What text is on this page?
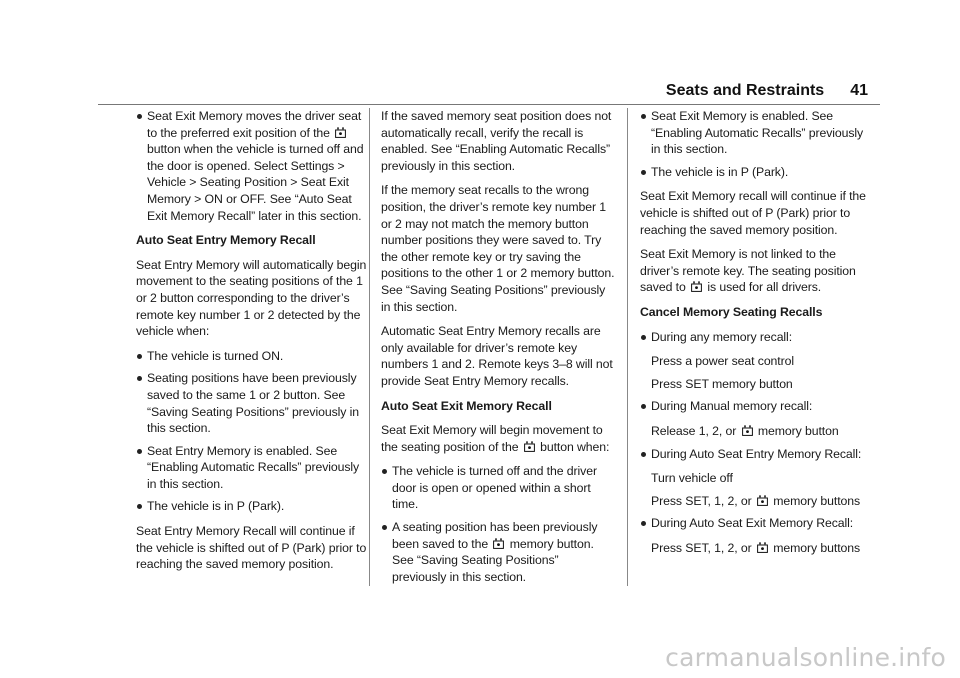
Seats and Restraints 41
Seat Exit Memory moves the driver seat to the preferred exit position of the
button when the vehicle is turned off and the door is opened. Select Settings > Vehicle > Seating Position > Seat Exit Memory > ON or OFF. See “Auto Seat Exit Memory Recall” later in this section.

Auto Seat Entry Memory Recall

Seat Entry Memory will automatically begin movement to the seating positions of the 1 or 2 button corresponding to the driver’s remote key number 1 or 2 detected by the vehicle when:

The vehicle is turned ON.
Seating positions have been previously saved to the same 1 or 2 button. See “Saving Seating Positions” previously in this section.
Seat Entry Memory is enabled. See “Enabling Automatic Recalls” previously in this section.
The vehicle is in P (Park).

Seat Entry Memory Recall will continue if the vehicle is shifted out of P (Park) prior to reaching the saved memory position.

If the saved memory seat position does not automatically recall, verify the recall is enabled. See “Enabling Automatic Recalls” previously in this section.

If the memory seat recalls to the wrong position, the driver’s remote key number 1 or 2 may not match the memory button number positions they were saved to. Try the other remote key or try saving the positions to the other 1 or 2 memory button. See “Saving Seating Positions” previously in this section.

Automatic Seat Entry Memory recalls are only available for driver’s remote key numbers 1 and 2. Remote keys 3–8 will not provide Seat Entry Memory recalls.

Auto Seat Exit Memory Recall

Seat Exit Memory will begin movement to the seating position of the button when:

The vehicle is turned off and the driver door is open or opened within a short time.
A seating position has been previously been saved to the memory button. See “Saving Seating Positions” previously in this section.
Seat Exit Memory is enabled. See “Enabling Automatic Recalls” previously in this section.
The vehicle is in P (Park).

Seat Exit Memory recall will continue if the vehicle is shifted out of P (Park) prior to reaching the saved memory position.

Seat Exit Memory is not linked to the driver’s remote key. The seating position saved to is used for all drivers.

Cancel Memory Seating Recalls

During any memory recall:

Press a power seat control

Press SET memory button

During Manual memory recall:

Release 1, 2, or memory button

During Auto Seat Entry Memory Recall:

Turn vehicle off

Press SET, 1, 2, or memory buttons

During Auto Seat Exit Memory Recall:

Press SET, 1, 2, or memory buttons

carmanualsonline.info
